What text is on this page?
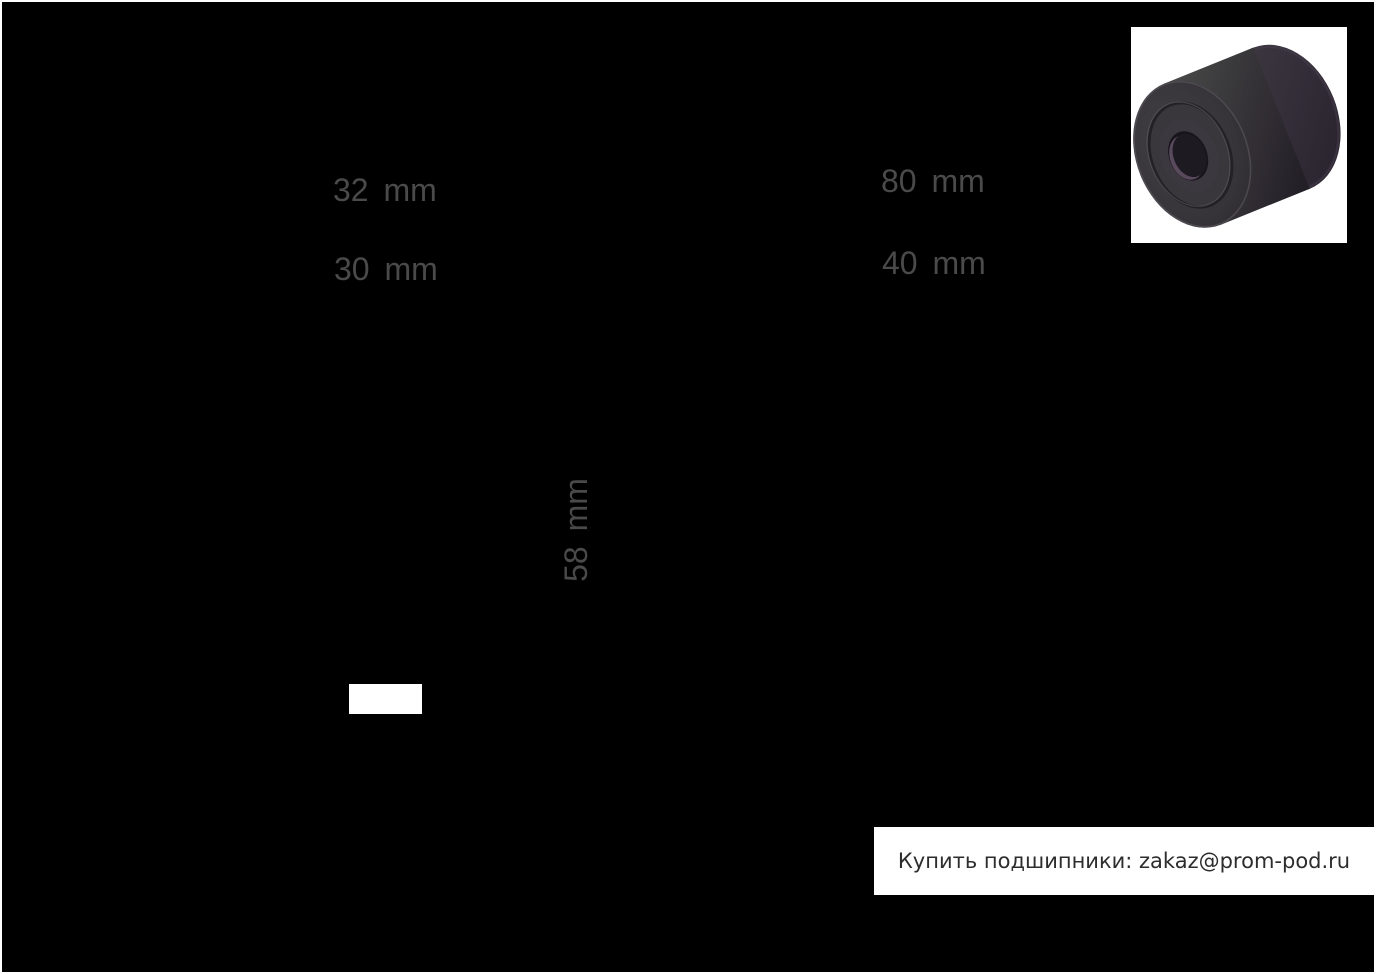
32 mm
30 mm
80 mm
40 mm
58 mm
Купить подшипники: zakaz@prom-pod.ru
